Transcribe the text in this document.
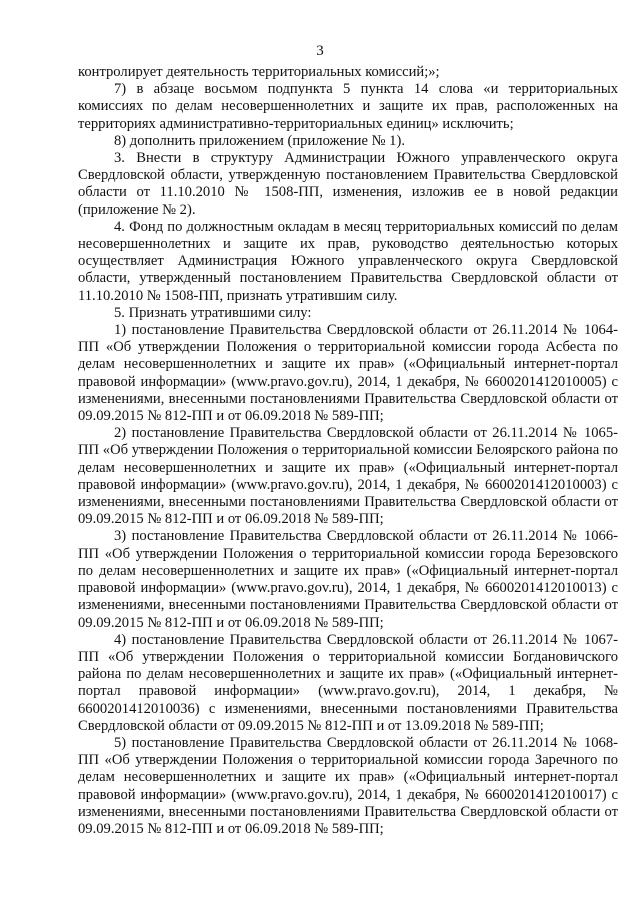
3

контролирует деятельность территориальных комиссий;»;

7) в абзаце восьмом подпункта 5 пункта 14 слова «и территориальных комиссиях по делам несовершеннолетних и защите их прав, расположенных на территориях административно-территориальных единиц» исключить;

8) дополнить приложением (приложение № 1).

3. Внести в структуру Администрации Южного управленческого округа Свердловской области, утвержденную постановлением Правительства Свердловской области от 11.10.2010 № 1508-ПП, изменения, изложив ее в новой редакции (приложение № 2).

4. Фонд по должностным окладам в месяц территориальных комиссий по делам несовершеннолетних и защите их прав, руководство деятельностью которых осуществляет Администрация Южного управленческого округа Свердловской области, утвержденный постановлением Правительства Свердловской области от 11.10.2010 № 1508-ПП, признать утратившим силу.

5. Признать утратившими силу:

1) постановление Правительства Свердловской области от 26.11.2014 № 1064-ПП «Об утверждении Положения о территориальной комиссии города Асбеста по делам несовершеннолетних и защите их прав» («Официальный интернет-портал правовой информации» (www.pravo.gov.ru), 2014, 1 декабря, № 6600201412010005) с изменениями, внесенными постановлениями Правительства Свердловской области от 09.09.2015 № 812-ПП и от 06.09.2018 № 589-ПП;

2) постановление Правительства Свердловской области от 26.11.2014 № 1065-ПП «Об утверждении Положения о территориальной комиссии Белоярского района по делам несовершеннолетних и защите их прав» («Официальный интернет-портал правовой информации» (www.pravo.gov.ru), 2014, 1 декабря, № 6600201412010003) с изменениями, внесенными постановлениями Правительства Свердловской области от 09.09.2015 № 812-ПП и от 06.09.2018 № 589-ПП;

3) постановление Правительства Свердловской области от 26.11.2014 № 1066-ПП «Об утверждении Положения о территориальной комиссии города Березовского по делам несовершеннолетних и защите их прав» («Официальный интернет-портал правовой информации» (www.pravo.gov.ru), 2014, 1 декабря, № 6600201412010013) с изменениями, внесенными постановлениями Правительства Свердловской области от 09.09.2015 № 812-ПП и от 06.09.2018 № 589-ПП;

4) постановление Правительства Свердловской области от 26.11.2014 № 1067-ПП «Об утверждении Положения о территориальной комиссии Богдановичского района по делам несовершеннолетних и защите их прав» («Официальный интернет-портал правовой информации» (www.pravo.gov.ru), 2014, 1 декабря, № 6600201412010036) с изменениями, внесенными постановлениями Правительства Свердловской области от 09.09.2015 № 812-ПП и от 13.09.2018 № 589-ПП;

5) постановление Правительства Свердловской области от 26.11.2014 № 1068-ПП «Об утверждении Положения о территориальной комиссии города Заречного по делам несовершеннолетних и защите их прав» («Официальный интернет-портал правовой информации» (www.pravo.gov.ru), 2014, 1 декабря, № 6600201412010017) с изменениями, внесенными постановлениями Правительства Свердловской области от 09.09.2015 № 812-ПП и от 06.09.2018 № 589-ПП;
